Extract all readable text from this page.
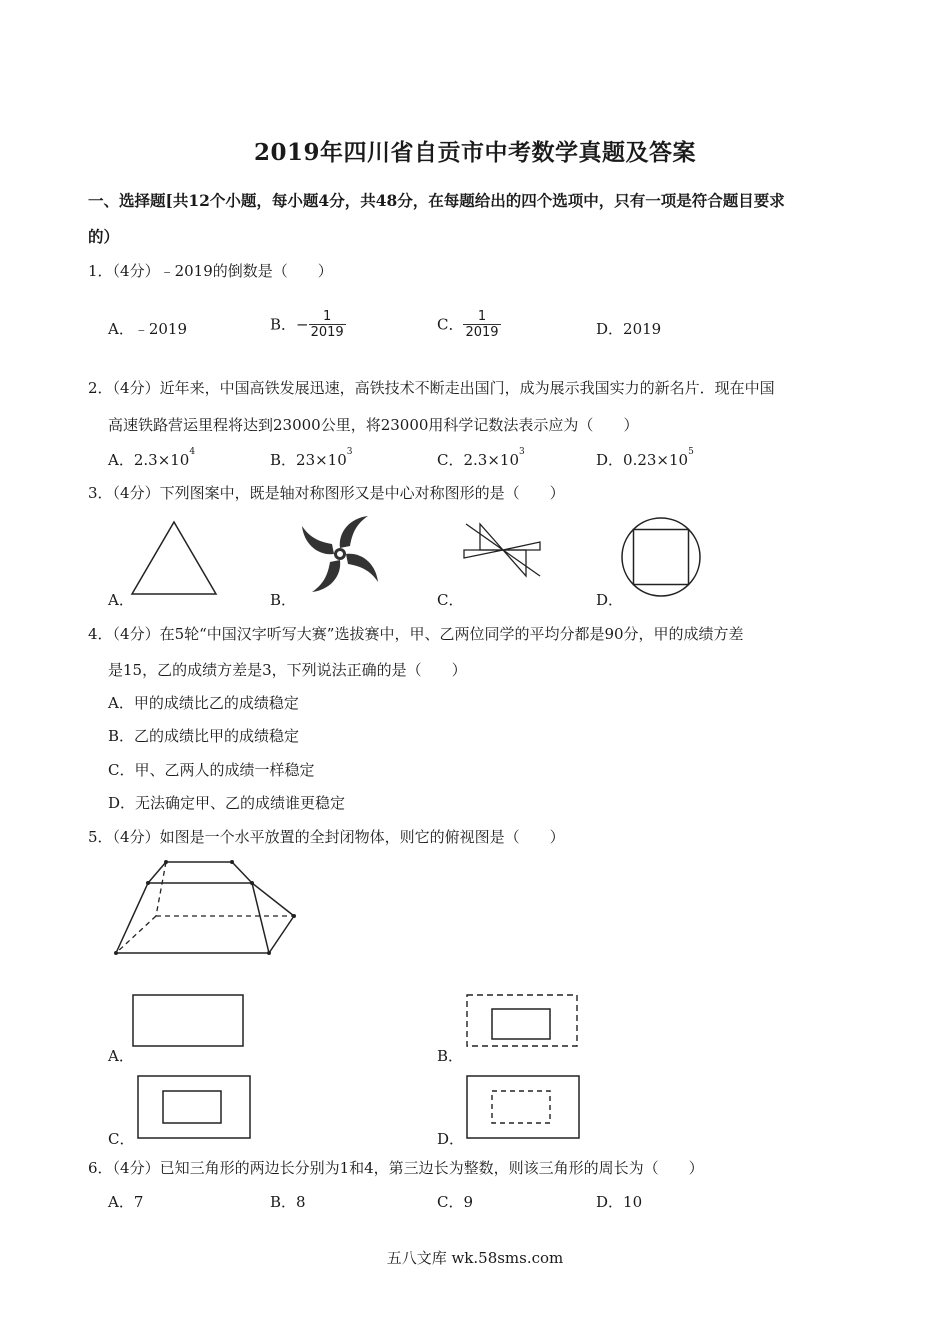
2019年四川省自贡市中考数学真题及答案
一、选择题[共12个小题，每小题4分，共48分，在每题给出的四个选项中，只有一项是符合题目要求
的）
1．（4分）﹣2019的倒数是（　　）
A．﹣2019	B．− $\frac{1}{2019}$	C． $\frac{1}{2019}$	D．2019
2．（4分）近年来，中国高铁发展迅速，高铁技术不断走出国门，成为展示我国实力的新名片．现在中国
高速铁路营运里程将达到23000公里，将23000用科学记数法表示应为（　　）
A．$2.3\times 10^4$	B．$23\times 10^3$	C．$2.3\times 10^3$	D．$0.23\times 10^5$
3．（4分）下列图案中，既是轴对称图形又是中心对称图形的是（　　）
A．	B．	C．	D．
4．（4分）在5轮“中国汉字听写大赛”选拔赛中，甲、乙两位同学的平均分都是90分，甲的成绩方差
是15，乙的成绩方差是3，下列说法正确的是（　　）
A．甲的成绩比乙的成绩稳定
B．乙的成绩比甲的成绩稳定
C．甲、乙两人的成绩一样稳定
D．无法确定甲、乙的成绩谁更稳定
5．（4分）如图是一个水平放置的全封闭物体，则它的俯视图是（　　）
A．	B．
C．	D．
6．（4分）已知三角形的两边长分别为1和4，第三边长为整数，则该三角形的周长为（　　）
A．7	B．8	C．9	D．10
五八文库 wk.58sms.com
